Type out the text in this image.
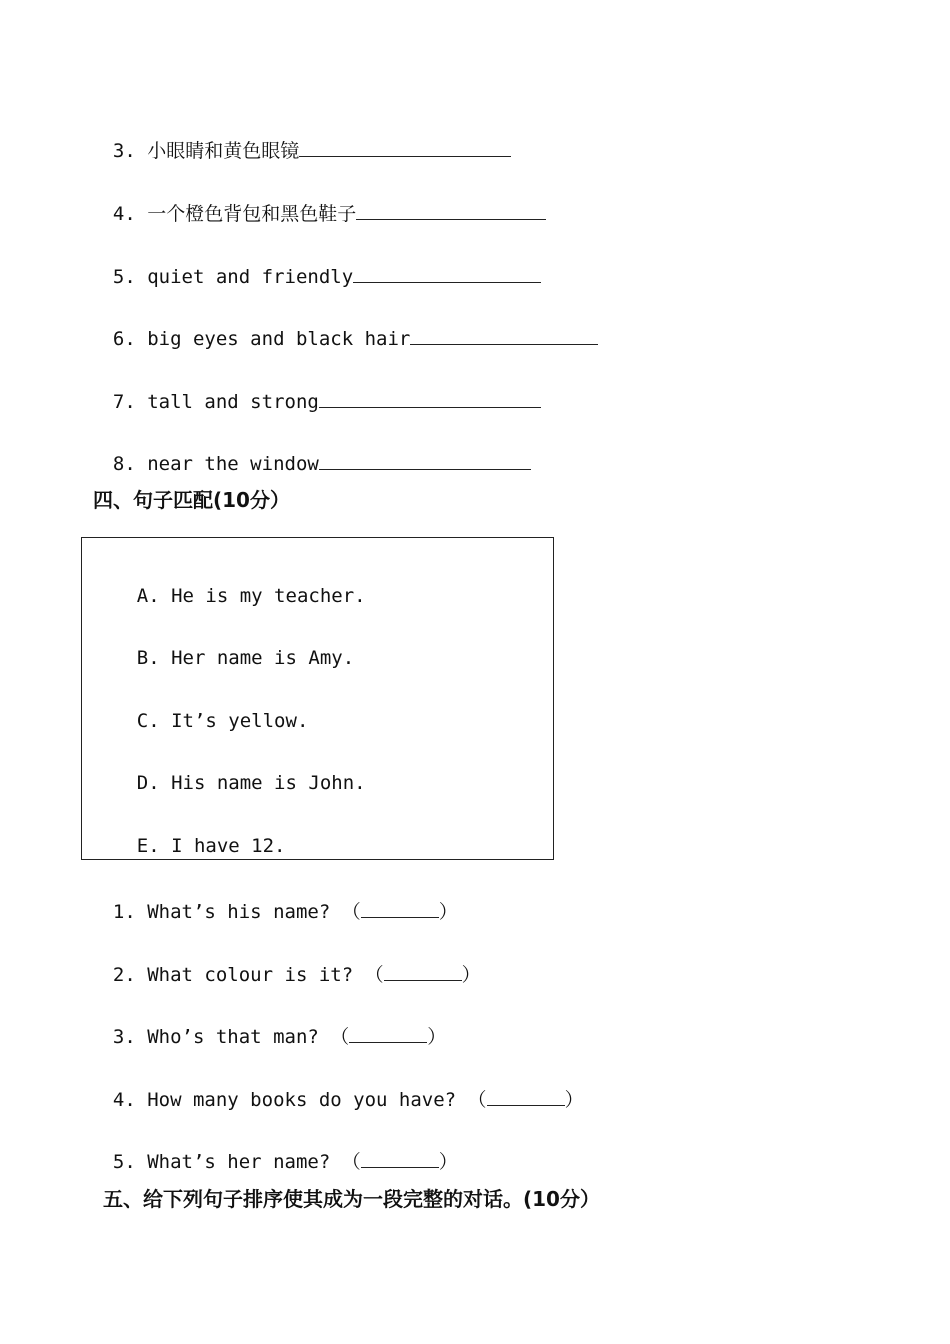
3. 小眼睛和黄色眼镜

4. 一个橙色背包和黑色鞋子

5. quiet and friendly

6. big eyes and black hair

7. tall and strong

8. near the window

四、句子匹配(10分）

A. He is my teacher.

B. Her name is Amy.

C. It’s yellow.

D. His name is John.

E. I have 12.

1. What’s his name? （	）

2. What colour is it? （	）

3. Who’s that man? （	）

4. How many books do you have? （	）

5. What’s her name? （	）

五、给下列句子排序使其成为一段完整的对话。(10分）
